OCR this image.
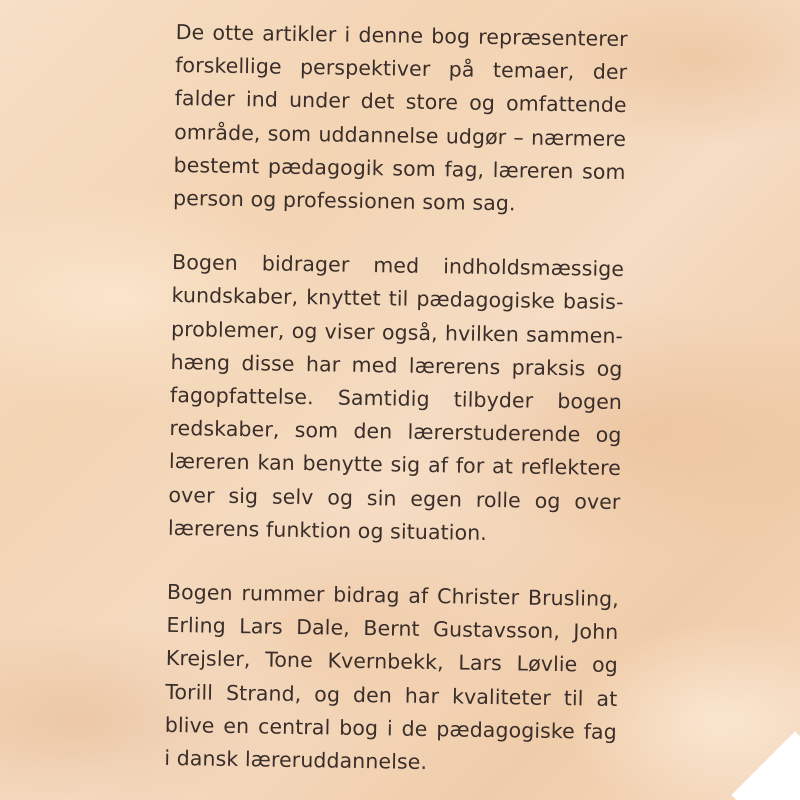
De otte artikler i denne bog repræsenterer
forskellige perspektiver på temaer, der
falder ind under det store og omfattende
område, som uddannelse udgør – nærmere
bestemt pædagogik som fag, læreren som
person og professionen som sag.
Bogen bidrager med indholdsmæssige
kundskaber, knyttet til pædagogiske basis-
problemer, og viser også, hvilken sammen-
hæng disse har med lærerens praksis og
fagopfattelse. Samtidig tilbyder bogen
redskaber, som den lærerstuderende og
læreren kan benytte sig af for at reflektere
over sig selv og sin egen rolle og over
lærerens funktion og situation.
Bogen rummer bidrag af Christer Brusling,
Erling Lars Dale, Bernt Gustavsson, John
Krejsler, Tone Kvernbekk, Lars Løvlie og
Torill Strand, og den har kvaliteter til at
blive en central bog i de pædagogiske fag
i dansk læreruddannelse.
